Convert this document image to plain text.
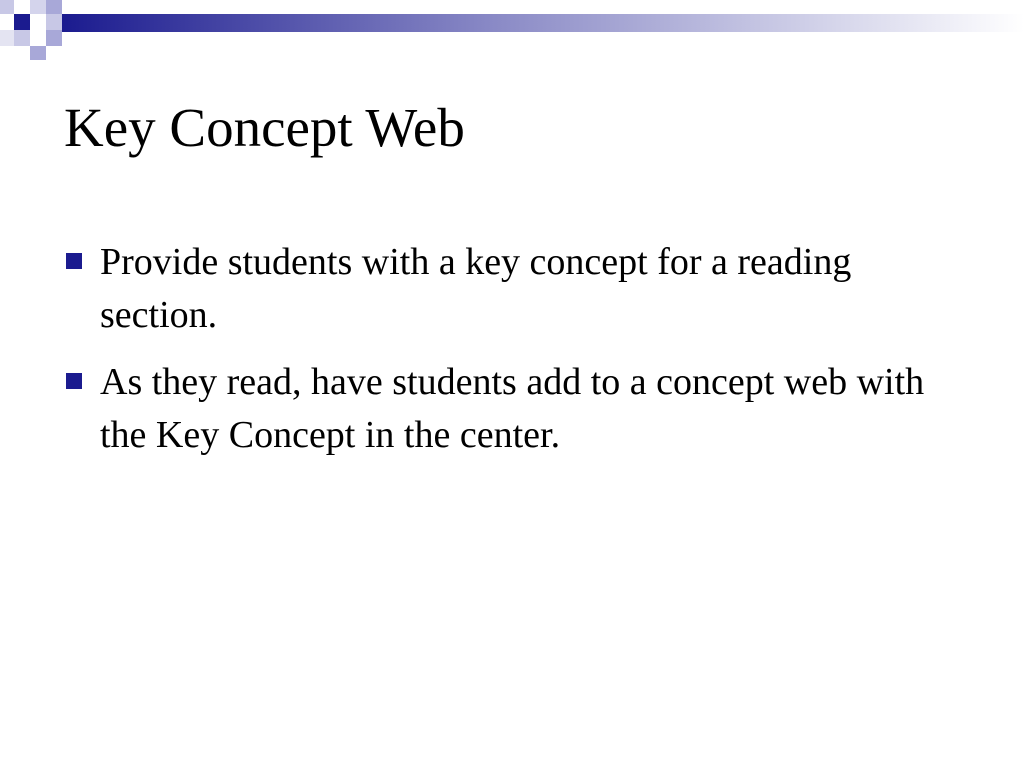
Key Concept Web
Provide students with a key concept for a reading section.
As they read, have students add to a concept web with the Key Concept in the center.
